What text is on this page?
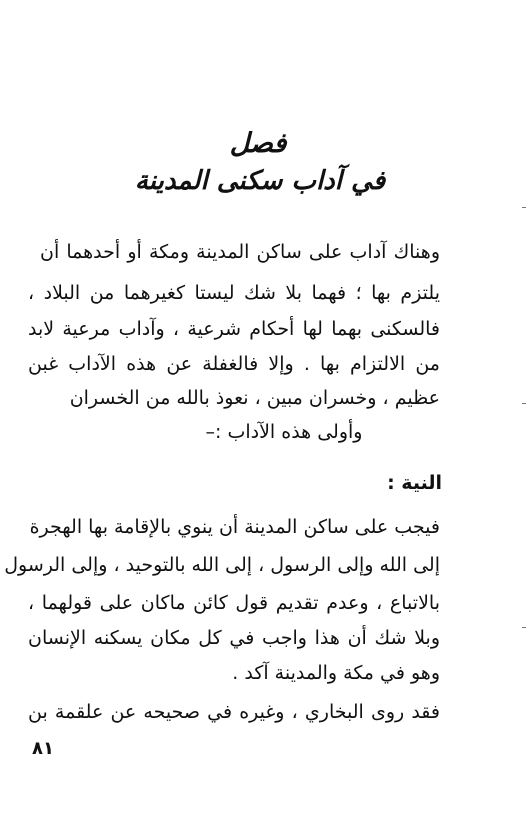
فصل
في آداب سكنى المدينة
وهناك آداب على ساكن المدينة ومكة أو أحدهما أن
يلتزم بها ؛ فهما بلا شك ليستا كغيرهما من البلاد ،
فالسكنى بهما لها أحكام شرعية ، وآداب مرعية لابد
من الالتزام بها . وإلا فالغفلة عن هذه الآداب غبن
عظيم ، وخسران مبين ، نعوذ بالله من الخسران
وأولى هذه الآداب :–
النية :
فيجب على ساكن المدينة أن ينوي بالإقامة بها الهجرة
إلى الله وإلى الرسول ، إلى الله بالتوحيد ، وإلى الرسول
بالاتباع ، وعدم تقديم قول كائن ماكان على قولهما ،
وبلا شك أن هذا واجب في كل مكان يسكنه الإنسان
وهو في مكة والمدينة آكد .
فقد روى البخاري ، وغيره في صحيحه عن علقمة بن
٨١
